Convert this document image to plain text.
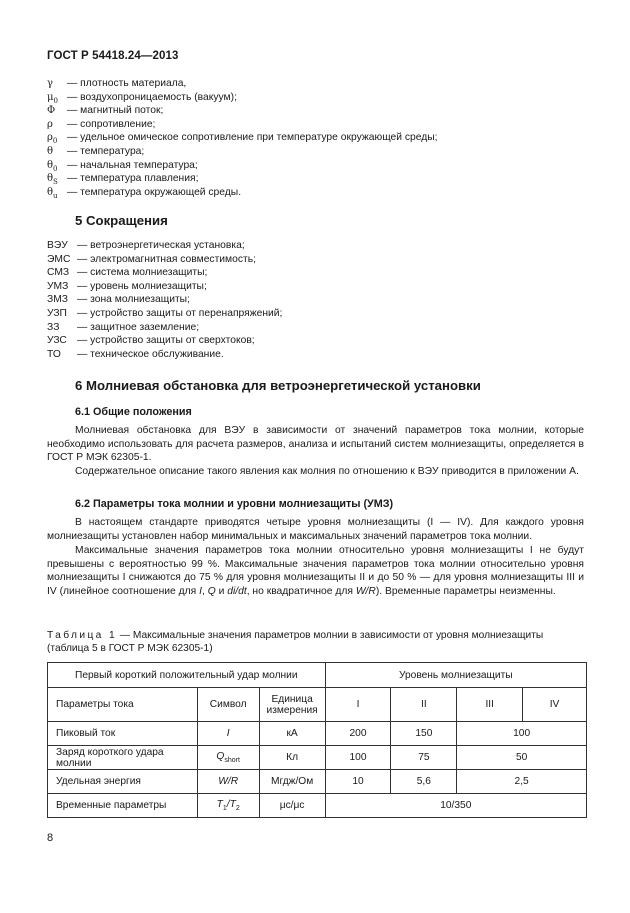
ГОСТ Р 54418.24—2013
γ — плотность материала,
$\mu_0$ — воздухопроницаемость (вакуум);
Φ — магнитный поток;
ρ — сопротивление;
$\rho_0$ — удельное омическое сопротивление при температуре окружающей среды;
θ — температура;
$\theta_0$ — начальная температура;
$\theta_S$ — температура плавления;
$\theta_u$ — температура окружающей среды.
5 Сокращения
ВЭУ — ветроэнергетическая установка;
ЭМС — электромагнитная совместимость;
СМЗ — система молниезащиты;
УМЗ — уровень молниезащиты;
ЗМЗ — зона молниезащиты;
УЗП — устройство защиты от перенапряжений;
ЗЗ — защитное заземление;
УЗС — устройство защиты от сверхтоков;
ТО — техническое обслуживание.
6 Молниевая обстановка для ветроэнергетической установки
6.1 Общие положения
Молниевая обстановка для ВЭУ в зависимости от значений параметров тока молнии, которые необходимо использовать для расчета размеров, анализа и испытаний систем молниезащиты, определяется в ГОСТ Р МЭК 62305-1.
Содержательное описание такого явления как молния по отношению к ВЭУ приводится в приложении А.
6.2 Параметры тока молнии и уровни молниезащиты (УМЗ)
В настоящем стандарте приводятся четыре уровня молниезащиты (I — IV). Для каждого уровня молниезащиты установлен набор минимальных и максимальных значений параметров тока молнии.
Максимальные значения параметров тока молнии относительно уровня молниезащиты I не будут превышены с вероятностью 99 %. Максимальные значения параметров тока молнии относительно уровня молниезащиты I снижаются до 75 % для уровня молниезащиты II и до 50 % — для уровня молниезащиты III и IV (линейное соотношение для I, Q и di/dt, но квадратичное для W/R). Временные параметры неизменны.
Таблица 1 — Максимальные значения параметров молнии в зависимости от уровня молниезащиты (таблица 5 в ГОСТ Р МЭК 62305-1)
Первый короткий положительный удар молнии			Уровень молниезащиты			
Параметры тока	Символ	Единица измерения	I	II	III	IV
Пиковый ток	I	кА	200	150	100	
Заряд короткого удара молнии	$Q_{short}$	Кл	100	75	50	
Удельная энергия	W/R	Мгдж/Ом	10	5,6	2,5	
Временные параметры	$T_1/T_2$	μс/μс	10/350			
8
